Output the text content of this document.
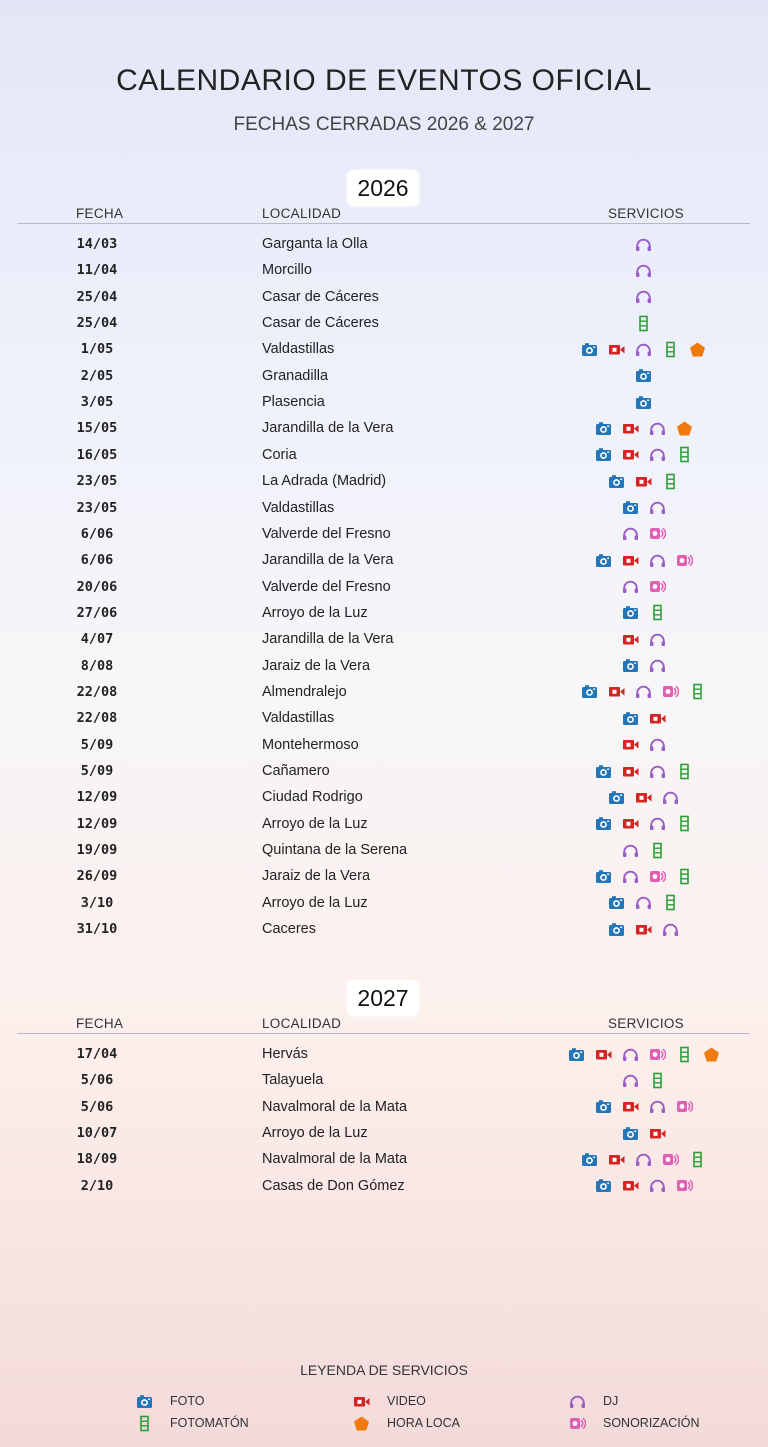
CALENDARIO DE EVENTOS OFICIAL
FECHAS CERRADAS 2026 & 2027
2026
FECHA	LOCALIDAD	SERVICIOS
14/03	Garganta la Olla
11/04	Morcillo
25/04	Casar de Cáceres
25/04	Casar de Cáceres
1/05	Valdastillas
2/05	Granadilla
3/05	Plasencia
15/05	Jarandilla de la Vera
16/05	Coria
23/05	La Adrada (Madrid)
23/05	Valdastillas
6/06	Valverde del Fresno
6/06	Jarandilla de la Vera
20/06	Valverde del Fresno
27/06	Arroyo de la Luz
4/07	Jarandilla de la Vera
8/08	Jaraiz de la Vera
22/08	Almendralejo
22/08	Valdastillas
5/09	Montehermoso
5/09	Cañamero
12/09	Ciudad Rodrigo
12/09	Arroyo de la Luz
19/09	Quintana de la Serena
26/09	Jaraiz de la Vera
3/10	Arroyo de la Luz
31/10	Caceres
2027
FECHA	LOCALIDAD	SERVICIOS
17/04	Hervás
5/06	Talayuela
5/06	Navalmoral de la Mata
10/07	Arroyo de la Luz
18/09	Navalmoral de la Mata
2/10	Casas de Don Gómez
LEYENDA DE SERVICIOS
FOTO	VIDEO	DJ
FOTOMATÓN	HORA LOCA	SONORIZACIÓN
